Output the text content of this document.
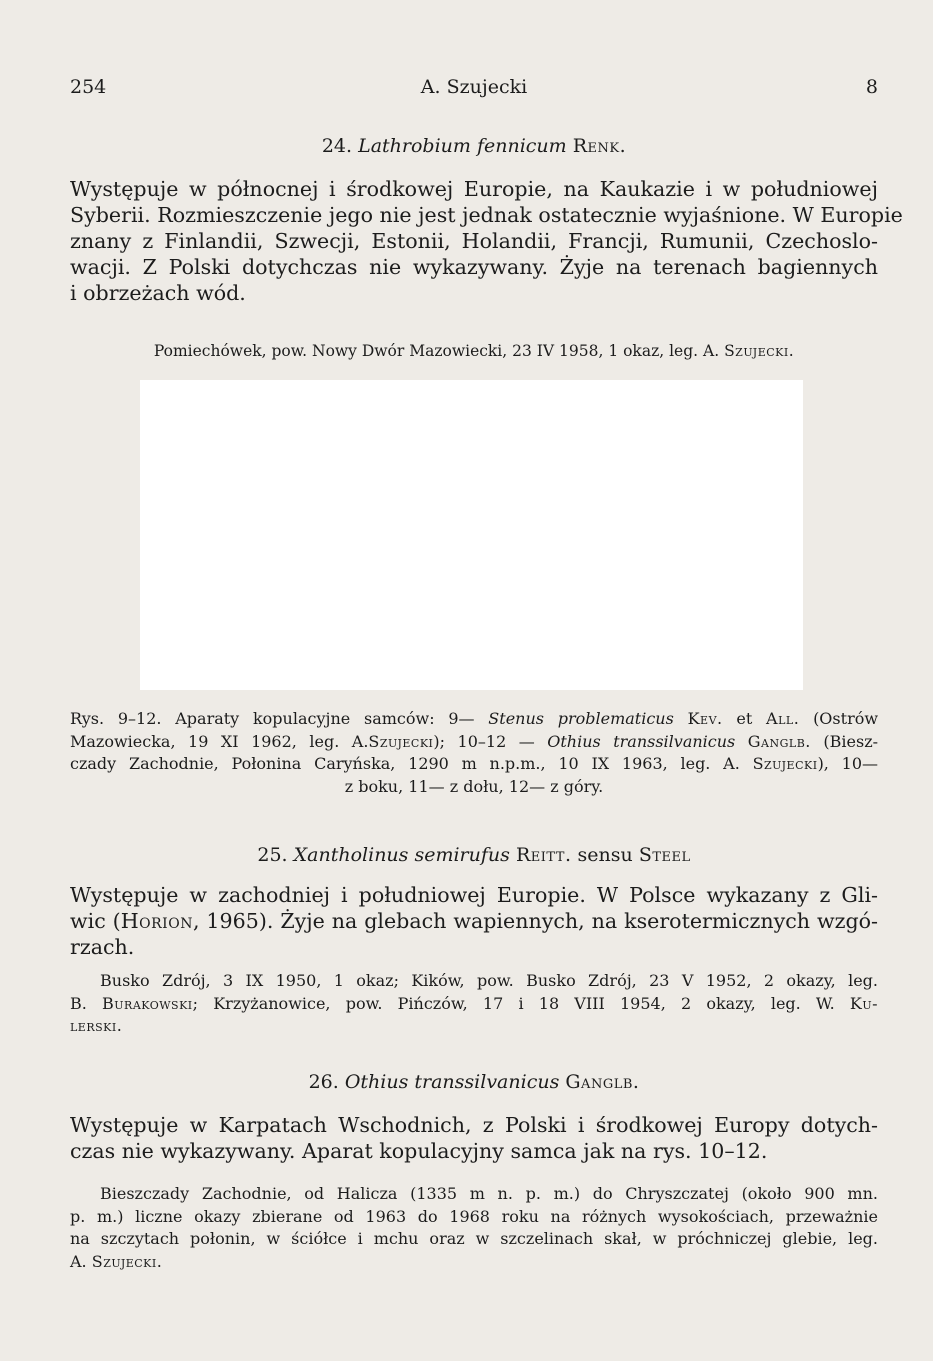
254	A. Szujecki	8
24. Lathrobium fennicum Renk.
Występuje w północnej i środkowej Europie, na Kaukazie i w południowej
Syberii. Rozmieszczenie jego nie jest jednak ostatecznie wyjaśnione. W Europie
znany z Finlandii, Szwecji, Estonii, Holandii, Francji, Rumunii, Czechoslo-
wacji. Z Polski dotychczas nie wykazywany. Żyje na terenach bagiennych
i obrzeżach wód.
Pomiechówek, pow. Nowy Dwór Mazowiecki, 23 IV 1958, 1 okaz, leg. A. Szujecki.
Rys. 9–12. Aparaty kopulacyjne samców: 9— Stenus problematicus Kev. et All. (Ostrów
Mazowiecka, 19 XI 1962, leg. A.Szujecki); 10–12 — Othius transsilvanicus Ganglb. (Biesz-
czady Zachodnie, Połonina Caryńska, 1290 m n.p.m., 10 IX 1963, leg. A. Szujecki), 10—
z boku, 11— z dołu, 12— z góry.
25. Xantholinus semirufus Reitt. sensu Steel
Występuje w zachodniej i południowej Europie. W Polsce wykazany z Gli-
wic (Horion, 1965). Żyje na glebach wapiennych, na kserotermicznych wzgó-
rzach.
Busko Zdrój, 3 IX 1950, 1 okaz; Kików, pow. Busko Zdrój, 23 V 1952, 2 okazy, leg.
B. Burakowski; Krzyżanowice, pow. Pińczów, 17 i 18 VIII 1954, 2 okazy, leg. W. Ku-
lerski.
26. Othius transsilvanicus Ganglb.
Występuje w Karpatach Wschodnich, z Polski i środkowej Europy dotych-
czas nie wykazywany. Aparat kopulacyjny samca jak na rys. 10–12.
Bieszczady Zachodnie, od Halicza (1335 m n. p. m.) do Chryszczatej (około 900 mn.
p. m.) liczne okazy zbierane od 1963 do 1968 roku na różnych wysokościach, przeważnie
na szczytach połonin, w ściółce i mchu oraz w szczelinach skał, w próchniczej glebie, leg.
A. Szujecki.
